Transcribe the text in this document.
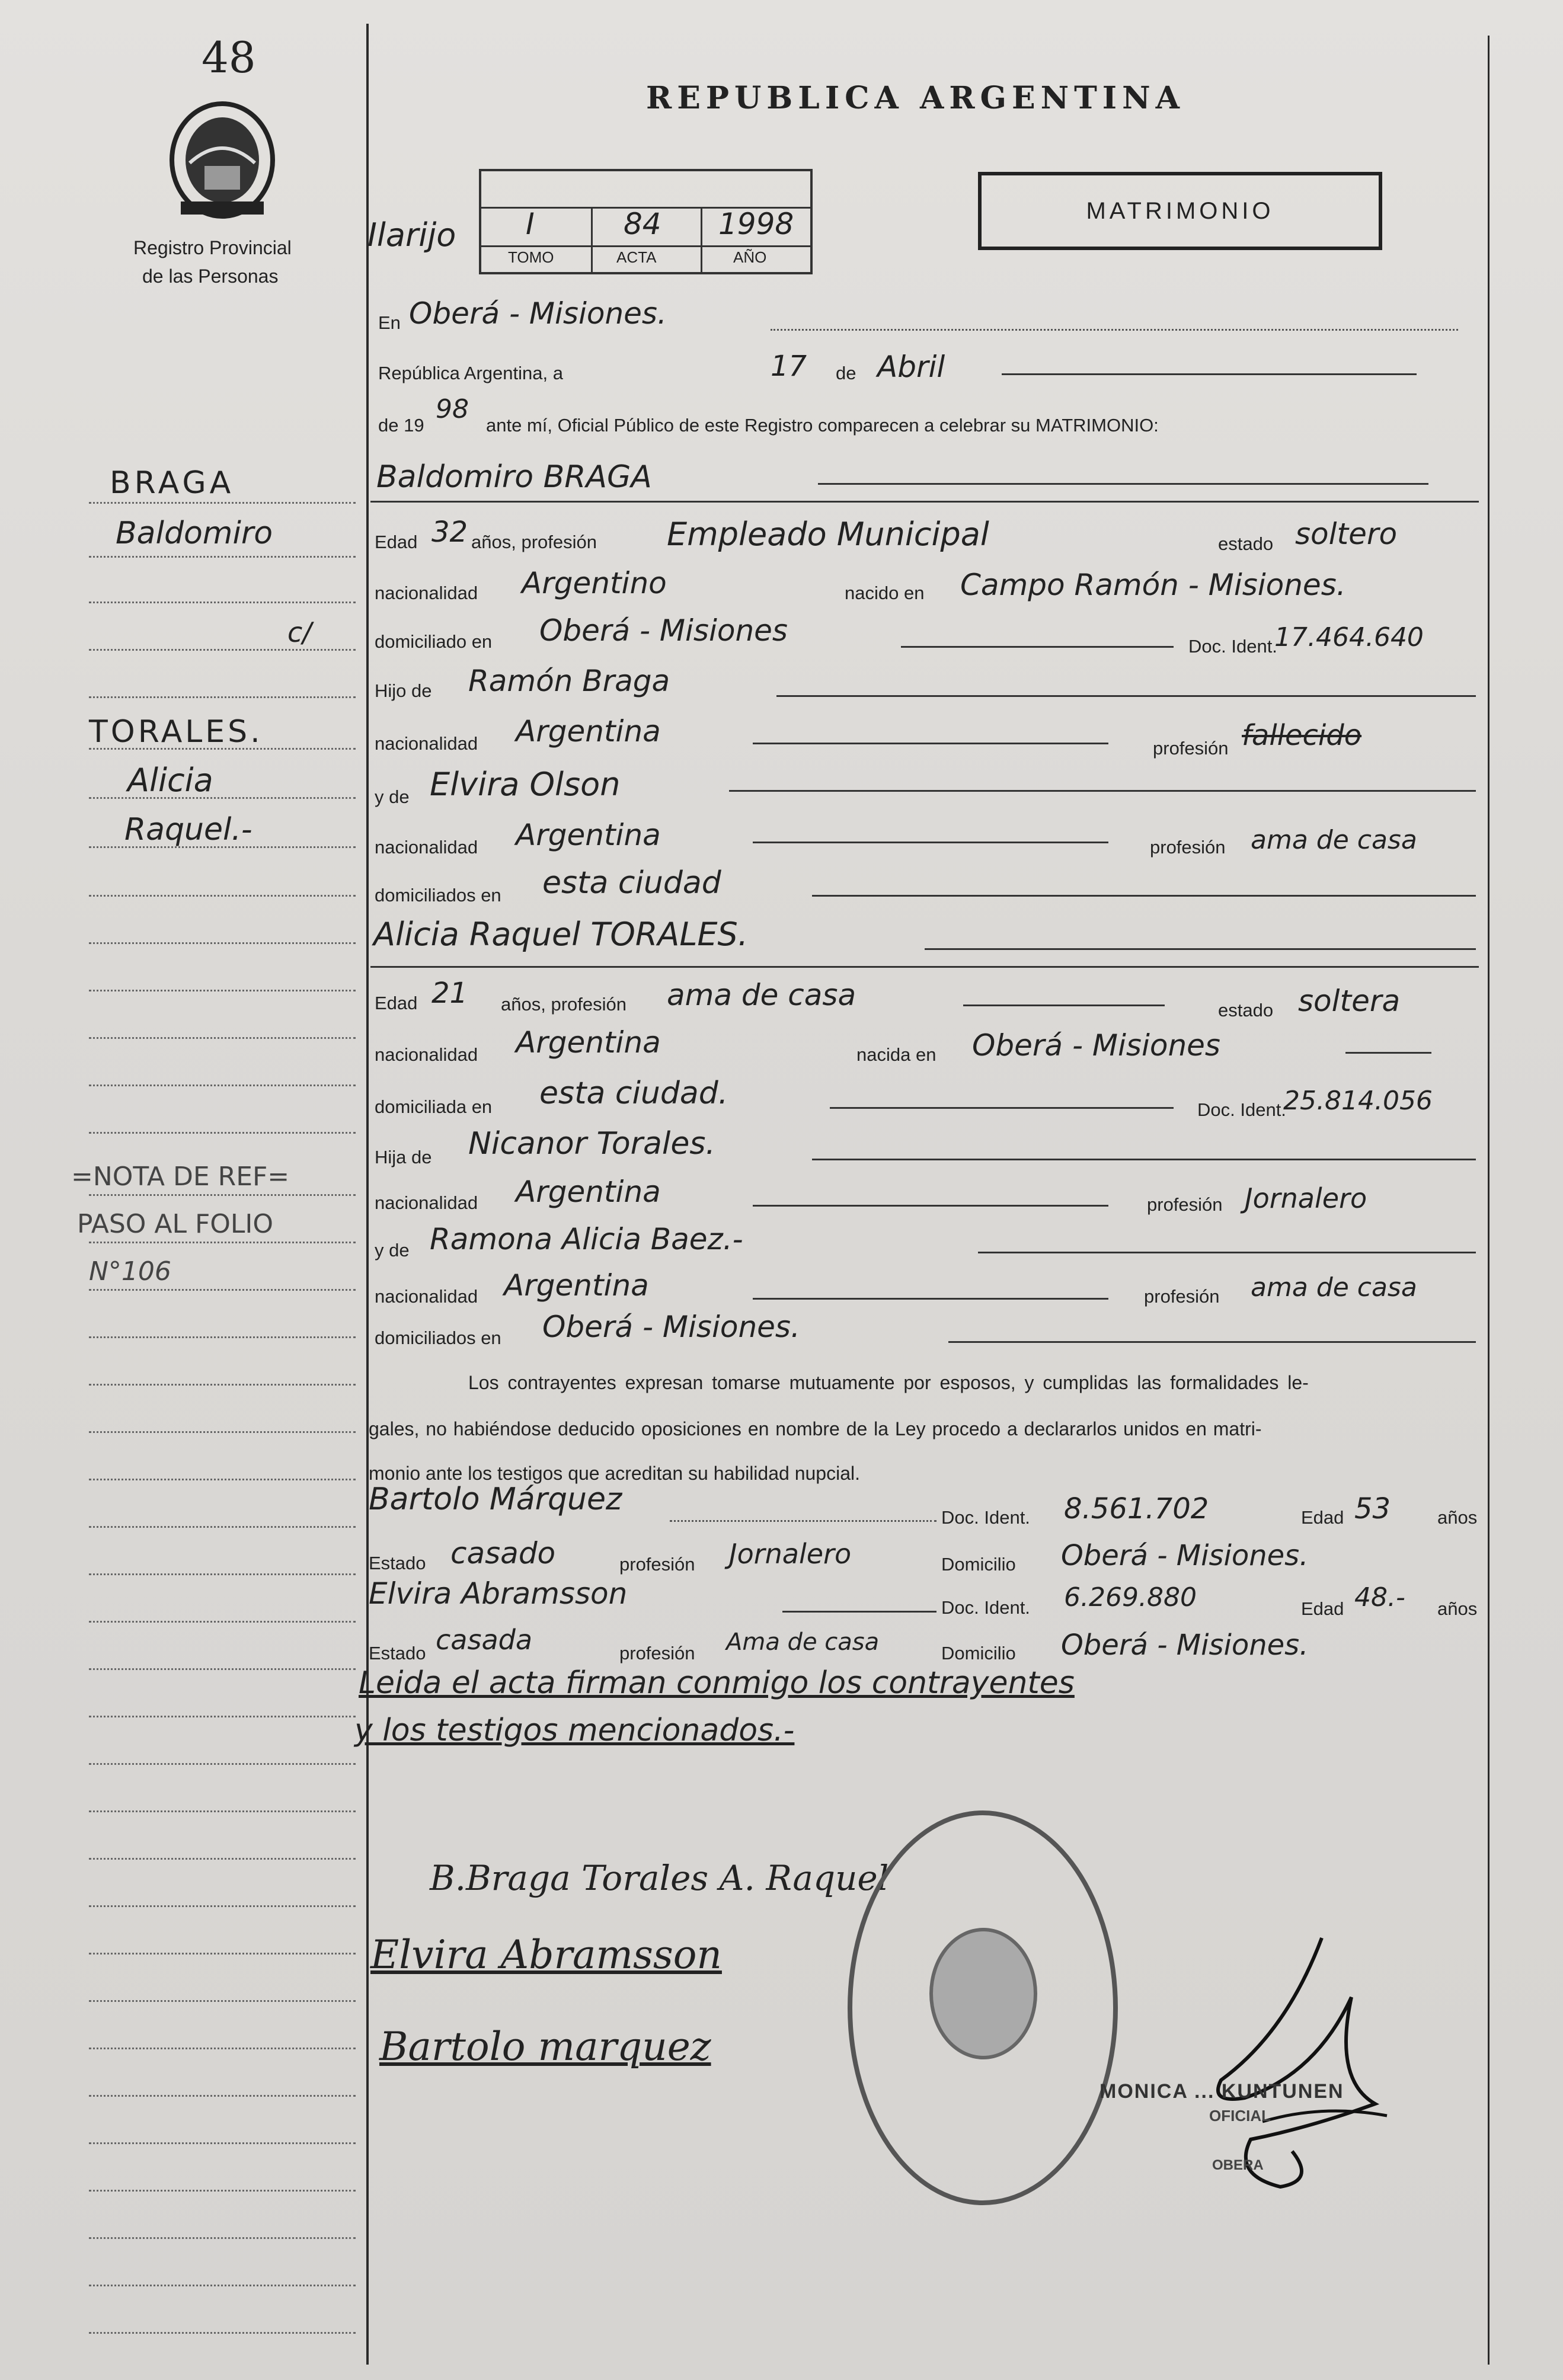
48
Registro Provincial
de las Personas
REPUBLICA ARGENTINA
I	84 1998
TOMO	ACTA	AÑO
Ilarijo
MATRIMONIO
BRAGA
Baldomiro
c/
TORALES.
Alicia
Raquel.-
=NOTA DE REF=
PASO AL FOLIO
N°106
En Oberá - Misiones.
República Argentina, a	17 de Abril
de 19
98
ante mí, Oficial Público de este Registro comparecen a celebrar su MATRIMONIO:
Baldomiro BRAGA
Edad 32 años, profesión Empleado Municipal	estado soltero
nacionalidad Argentino	nacido en Campo Ramón - Misiones.
domiciliado en Oberá - Misiones	Doc. Ident.
17.464.640
Hijo de Ramón Braga
nacionalidad Argentina	profesión fallecido
y de Elvira Olson
nacionalidad Argentina	profesión ama de casa
domiciliados en esta ciudad
Alicia Raquel TORALES.
Edad 21 años, profesión ama de casa	estado soltera
nacionalidad Argentina	nacida en Oberá - Misiones
domiciliada en esta ciudad.	Doc. Ident.
25.814.056
Hija de Nicanor Torales.
nacionalidad Argentina	profesión Jornalero
y de Ramona Alicia Baez.-
nacionalidad Argentina	profesión ama de casa
domiciliados en Oberá - Misiones.
Los contrayentes expresan tomarse mutuamente por esposos, y cumplidas las formalidades le-
gales, no habiéndose deducido oposiciones en nombre de la Ley procedo a declararlos unidos en matri-
monio ante los testigos que acreditan su habilidad nupcial.
Bartolo Márquez
Doc. Ident. 8.561.702	Edad 53	años
Estado casado	profesión Jornalero	Domicilio Oberá - Misiones.
Elvira Abramsson	Doc. Ident. 6.269.880	Edad 48.- años
Estado casada	profesión Ama de casa	Domicilio Oberá - Misiones.
Leida el acta firman conmigo los contrayentes
y los testigos mencionados.-
B.Braga Torales A. Raquel
Elvira Abramsson
Bartolo marquez
MONICA ... KUNTUNEN
OFICIAL
OBERA
